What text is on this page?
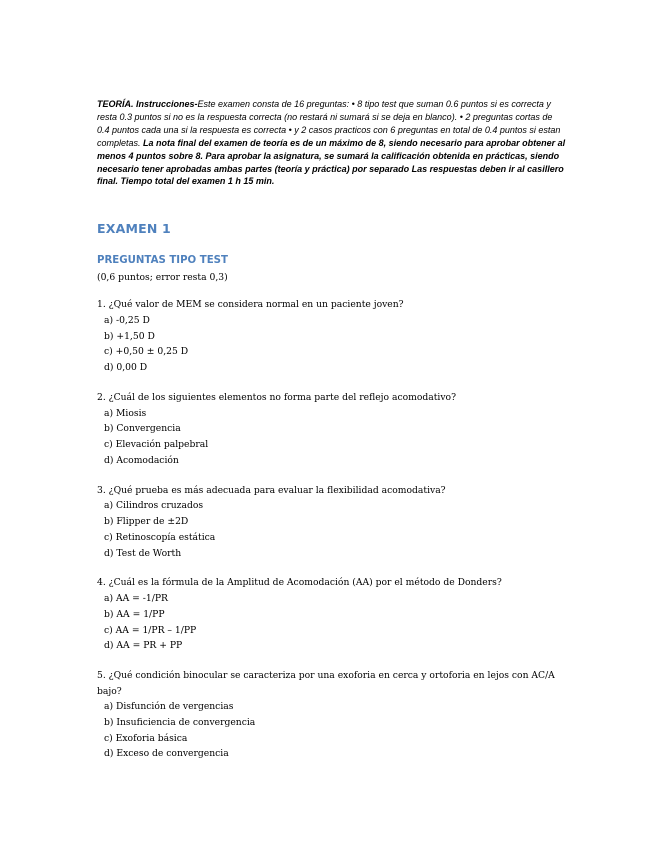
TEORÍA. Instrucciones-Este examen consta de 16 preguntas: • 8 tipo test que suman 0.6 puntos si es correcta y resta 0.3 puntos si no es la respuesta correcta (no restará ni sumará si se deja en blanco). • 2 preguntas cortas de 0.4 puntos cada una si la respuesta es correcta • y 2 casos practicos con 6 preguntas en total de 0.4 puntos si estan completas. La nota final del examen de teoría es de un máximo de 8, siendo necesario para aprobar obtener al menos 4 puntos sobre 8. Para aprobar la asignatura, se sumará la calificación obtenida en prácticas, siendo necesario tener aprobadas ambas partes (teoría y práctica) por separado Las respuestas deben ir al casillero final. Tiempo total del examen 1 h 15 min.

EXAMEN 1
PREGUNTAS TIPO TEST

(0,6 puntos; error resta 0,3)

1. ¿Qué valor de MEM se considera normal en un paciente joven?

a) -0,25 D
b) +1,50 D
c) +0,50 ± 0,25 D
d) 0,00 D

2. ¿Cuál de los siguientes elementos no forma parte del reflejo acomodativo?

a) Miosis
b) Convergencia
c) Elevación palpebral
d) Acomodación

3. ¿Qué prueba es más adecuada para evaluar la flexibilidad acomodativa?

a) Cilindros cruzados
b) Flipper de ±2D
c) Retinoscopía estática
d) Test de Worth

4. ¿Cuál es la fórmula de la Amplitud de Acomodación (AA) por el método de Donders?

a) AA = -1/PR
b) AA = 1/PP
c) AA = 1/PR – 1/PP
d) AA = PR + PP

5. ¿Qué condición binocular se caracteriza por una exoforia en cerca y ortoforia en lejos con AC/A bajo?

a) Disfunción de vergencias
b) Insuficiencia de convergencia
c) Exoforia básica
d) Exceso de convergencia
